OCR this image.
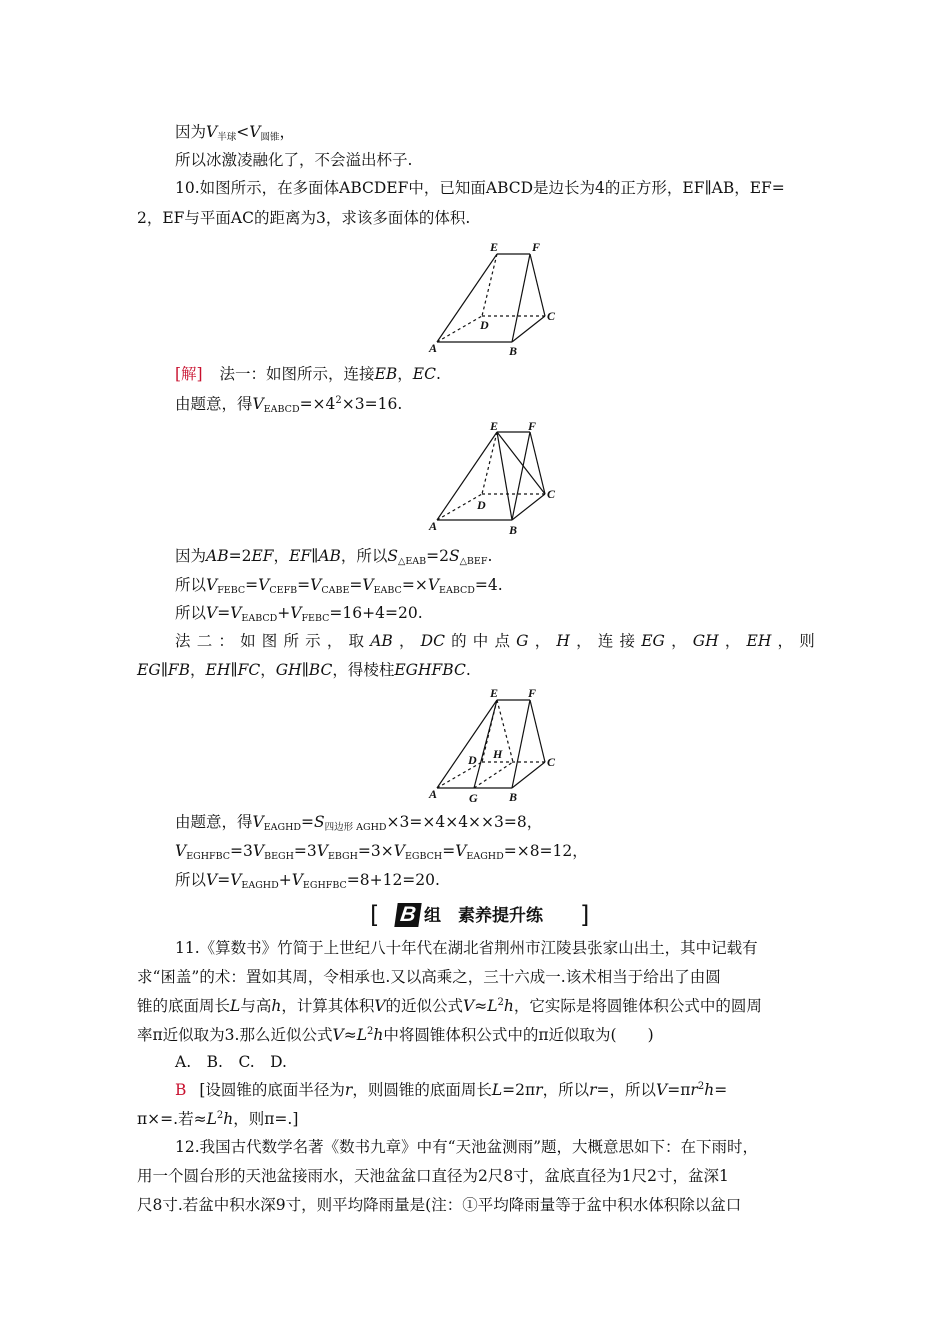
因为V半球<V圆锥，
所以冰激凌融化了，不会溢出杯子.
10.如图所示，在多面体ABCDEF中，已知面ABCD是边长为4的正方形，EF∥AB，EF=
2，EF与平面AC的距离为3，求该多面体的体积.
E	F
C
D
A	B
[解] 法一：如图所示，连接EB，EC.
由题意，得$VEABCD=\times 4^2\times 3=16$.
E F
C
D
A	B
因为AB=2EF，EF∥AB，所以S△EAB=2S△BEF.
所以VFEBC=VCEFB=VCABE=VEABC=×VEABCD=4.
所以V=VEABCD+VFEBC=16+4=20.
法 二 ： 如 图 所 示 ， 取 AB ， DC 的 中 点 G ， H ， 连 接 EG ， GH ， EH ， 则
EG∥FB，EH∥FC，GH∥BC，得棱柱EGHFBC.
E F
C
H
D
A	G	B
由题意，得VEAGHD=S四边形 AGHD×3=×4×4××3=8，
VEGHFBC=3VBEGH=3VEBGH=3×VEGBCH=VEAGHD=×8=12，
所以V=VEAGHD+VEGHFBC=8+12=20.
[ B 组　素养提升练 ]
11.《算数书》竹简于上世纪八十年代在湖北省荆州市江陵县张家山出土，其中记载有
求“囷盖”的术：置如其周，令相承也.又以高乘之，三十六成一.该术相当于给出了由圆
锥的底面周长L与高h，计算其体积V的近似公式$V\approx L^2h$，它实际是将圆锥体积公式中的圆周
率π近似取为3.那么近似公式$V\approx L^2h$中将圆锥体积公式中的π近似取为(　　)
A.　B.　C.　D.
B [设圆锥的底面半径为r，则圆锥的底面周长L=2πr，所以r=，所以$V=\pi r^2h=$
π×=.若$\approx L^2h$，则π=.]
12.我国古代数学名著《数书九章》中有“天池盆测雨”题，大概意思如下：在下雨时，
用一个圆台形的天池盆接雨水，天池盆盆口直径为2尺8寸，盆底直径为1尺2寸，盆深1
尺8寸.若盆中积水深9寸，则平均降雨量是(注：①平均降雨量等于盆中积水体积除以盆口
